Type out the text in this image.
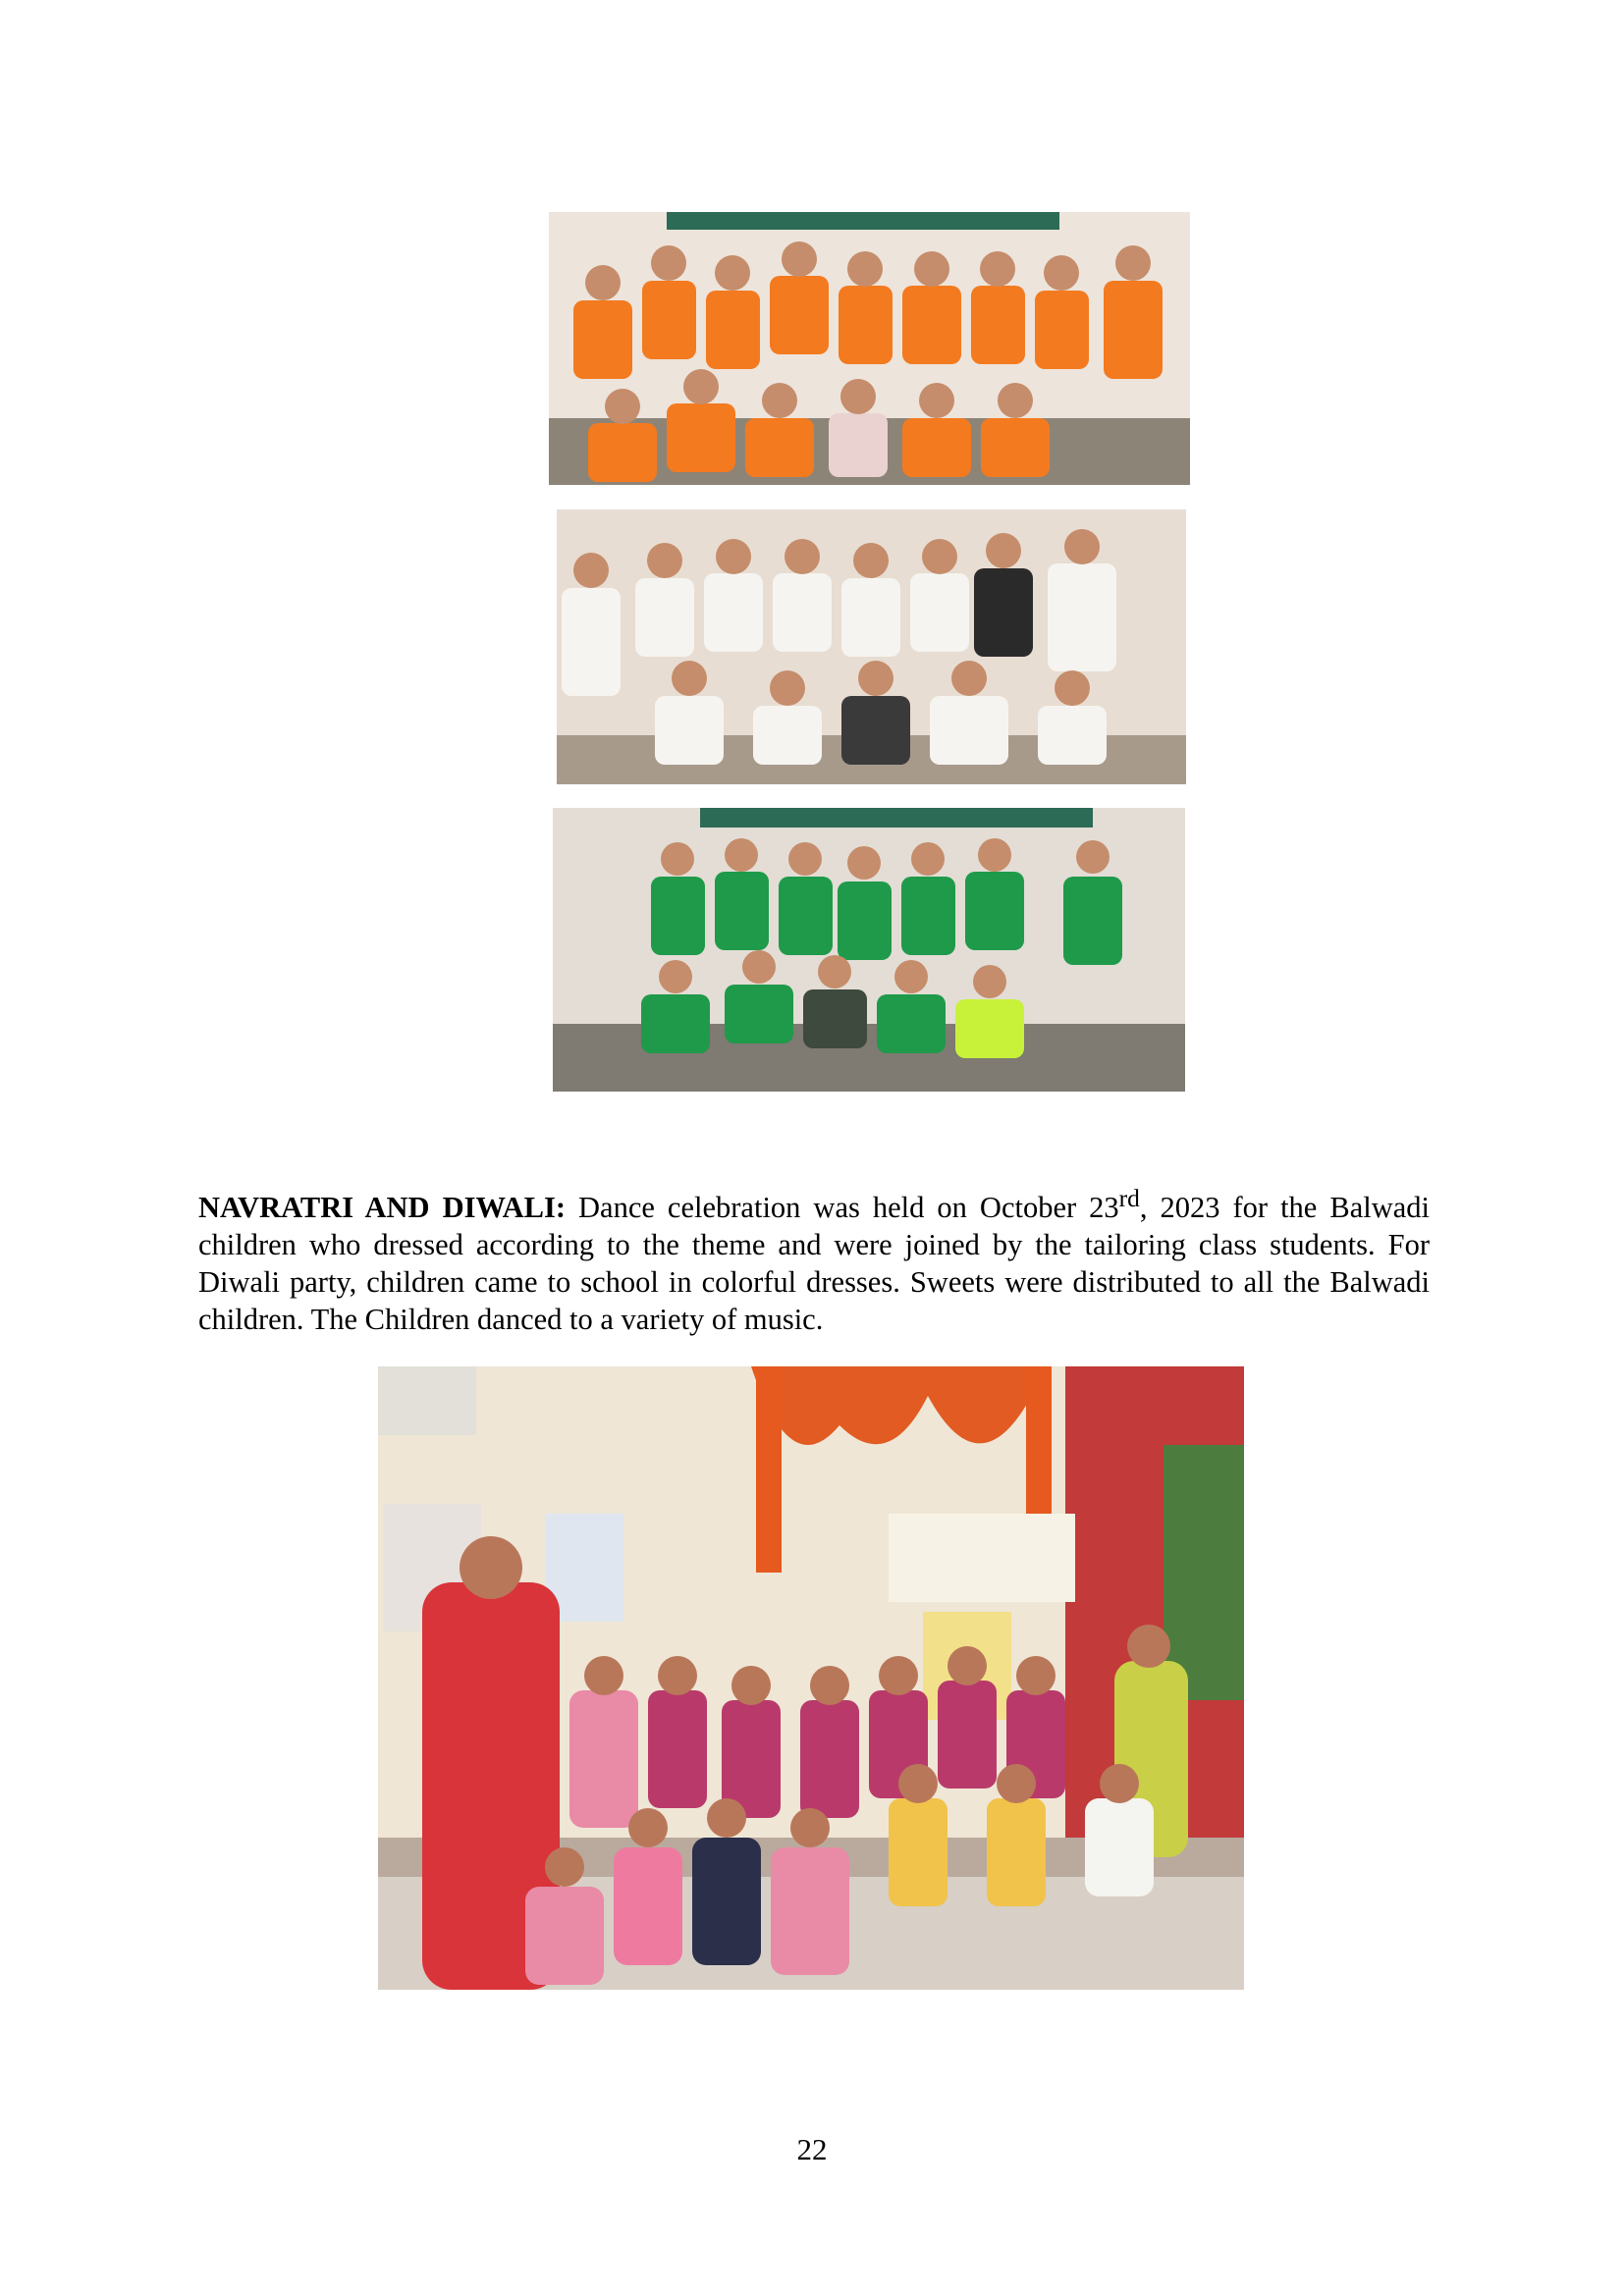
NAVRATRI AND DIWALI: Dance celebration was held on October 23rd, 2023 for the Balwadi children who dressed according to the theme and were joined by the tailoring class students. For Diwali party, children came to school in colorful dresses. Sweets were distributed to all the Balwadi children. The Children danced to a variety of music.

22
